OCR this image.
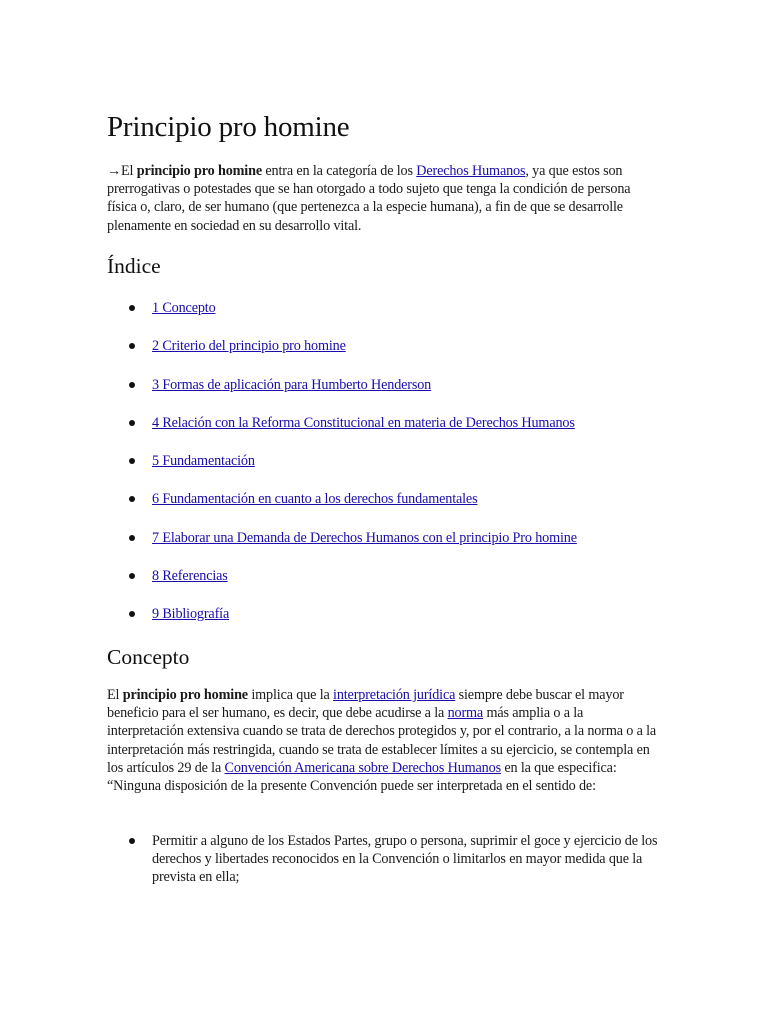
Principio pro homine

→El principio pro homine entra en la categoría de los Derechos Humanos, ya que estos son prerrogativas o potestades que se han otorgado a todo sujeto que tenga la condición de persona física o, claro, de ser humano (que pertenezca a la especie humana), a fin de que se desarrolle plenamente en sociedad en su desarrollo vital.

Índice
1 Concepto
2 Criterio del principio pro homine
3 Formas de aplicación para Humberto Henderson
4 Relación con la Reforma Constitucional en materia de Derechos Humanos
5 Fundamentación
6 Fundamentación en cuanto a los derechos fundamentales
7 Elaborar una Demanda de Derechos Humanos con el principio Pro homine
8 Referencias
9 Bibliografía
Concepto

El principio pro homine implica que la interpretación jurídica siempre debe buscar el mayor beneficio para el ser humano, es decir, que debe acudirse a la norma más amplia o a la interpretación extensiva cuando se trata de derechos protegidos y, por el contrario, a la norma o a la interpretación más restringida, cuando se trata de establecer límites a su ejercicio, se contempla en los artículos 29 de la Convención Americana sobre Derechos Humanos en la que especifica: “Ninguna disposición de la presente Convención puede ser interpretada en el sentido de:

Permitir a alguno de los Estados Partes, grupo o persona, suprimir el goce y ejercicio de los derechos y libertades reconocidos en la Convención o limitarlos en mayor medida que la prevista en ella;
